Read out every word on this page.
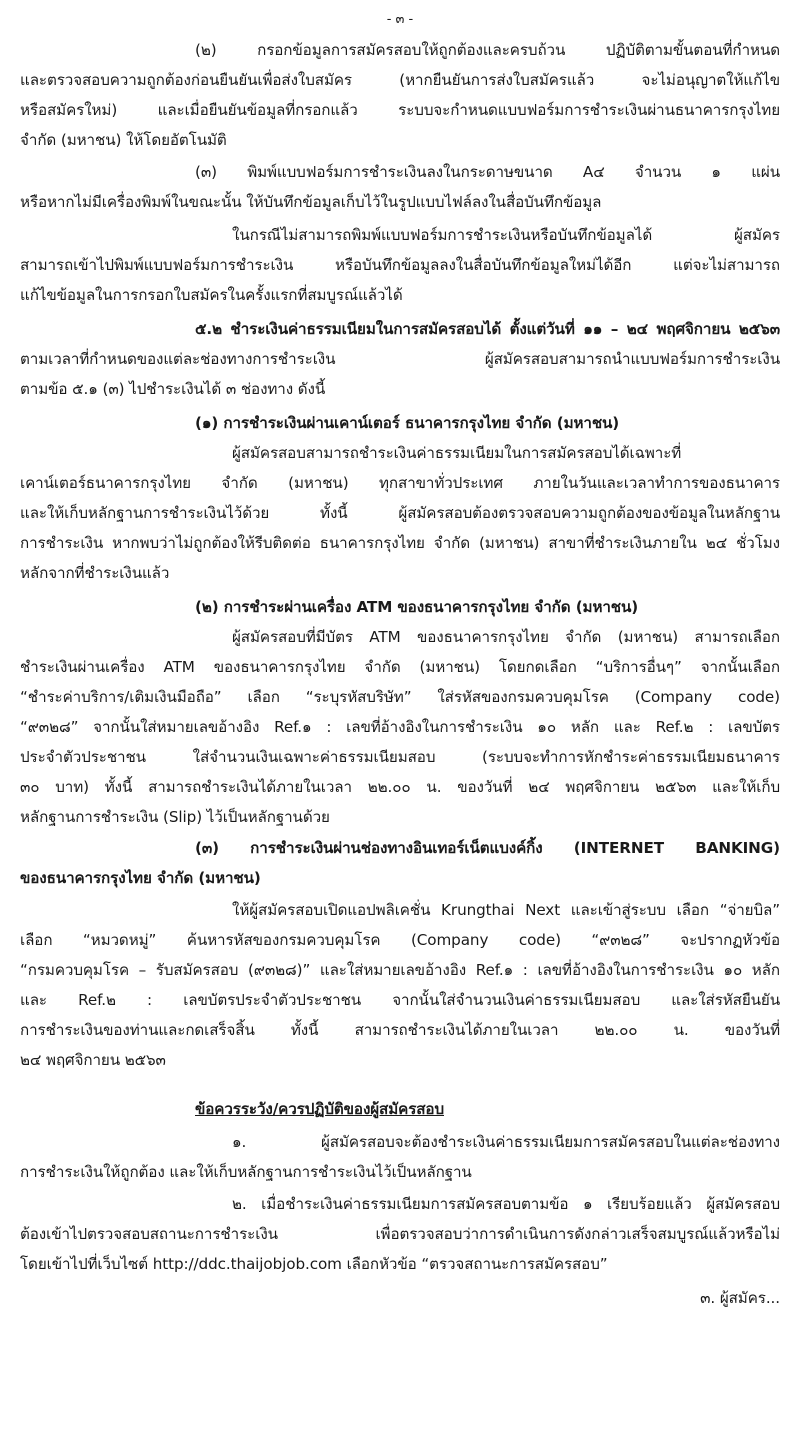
- ๓ -
(๒) กรอกข้อมูลการสมัครสอบให้ถูกต้องและครบถ้วน ปฏิบัติตามขั้นตอนที่กำหนด
และตรวจสอบความถูกต้องก่อนยืนยันเพื่อส่งใบสมัคร (หากยืนยันการส่งใบสมัครแล้ว จะไม่อนุญาตให้แก้ไข
หรือสมัครใหม่) และเมื่อยืนยันข้อมูลที่กรอกแล้ว ระบบจะกำหนดแบบฟอร์มการชำระเงินผ่านธนาคารกรุงไทย
จำกัด (มหาชน) ให้โดยอัตโนมัติ
(๓) พิมพ์แบบฟอร์มการชำระเงินลงในกระดาษขนาด A๔ จำนวน ๑ แผ่น
หรือหากไม่มีเครื่องพิมพ์ในขณะนั้น ให้บันทึกข้อมูลเก็บไว้ในรูปแบบไฟล์ลงในสื่อบันทึกข้อมูล
ในกรณีไม่สามารถพิมพ์แบบฟอร์มการชำระเงินหรือบันทึกข้อมูลได้ ผู้สมัคร
สามารถเข้าไปพิมพ์แบบฟอร์มการชำระเงิน หรือบันทึกข้อมูลลงในสื่อบันทึกข้อมูลใหม่ได้อีก แต่จะไม่สามารถ
แก้ไขข้อมูลในการกรอกใบสมัครในครั้งแรกที่สมบูรณ์แล้วได้
๕.๒ ชำระเงินค่าธรรมเนียมในการสมัครสอบได้ ตั้งแต่วันที่ ๑๑ – ๒๔ พฤศจิกายน ๒๕๖๓
ตามเวลาที่กำหนดของแต่ละช่องทางการชำระเงิน ผู้สมัครสอบสามารถนำแบบฟอร์มการชำระเงิน
ตามข้อ ๕.๑ (๓) ไปชำระเงินได้ ๓ ช่องทาง ดังนี้
(๑) การชำระเงินผ่านเคาน์เตอร์ ธนาคารกรุงไทย จำกัด (มหาชน)
ผู้สมัครสอบสามารถชำระเงินค่าธรรมเนียมในการสมัครสอบได้เฉพาะที่
เคาน์เตอร์ธนาคารกรุงไทย จำกัด (มหาชน) ทุกสาขาทั่วประเทศ ภายในวันและเวลาทำการของธนาคาร
และให้เก็บหลักฐานการชำระเงินไว้ด้วย ทั้งนี้ ผู้สมัครสอบต้องตรวจสอบความถูกต้องของข้อมูลในหลักฐาน
การชำระเงิน หากพบว่าไม่ถูกต้องให้รีบติดต่อ ธนาคารกรุงไทย จำกัด (มหาชน) สาขาที่ชำระเงินภายใน ๒๔ ชั่วโมง
หลักจากที่ชำระเงินแล้ว
(๒) การชำระผ่านเครื่อง ATM ของธนาคารกรุงไทย จำกัด (มหาชน)
ผู้สมัครสอบที่มีบัตร ATM ของธนาคารกรุงไทย จำกัด (มหาชน) สามารถเลือก
ชำระเงินผ่านเครื่อง ATM ของธนาคารกรุงไทย จำกัด (มหาชน) โดยกดเลือก “บริการอื่นๆ” จากนั้นเลือก
“ชำระค่าบริการ/เติมเงินมือถือ” เลือก “ระบุรหัสบริษัท” ใส่รหัสของกรมควบคุมโรค (Company code)
“๙๓๒๘” จากนั้นใส่หมายเลขอ้างอิง Ref.๑ : เลขที่อ้างอิงในการชำระเงิน ๑๐ หลัก และ Ref.๒ : เลขบัตร
ประจำตัวประชาชน ใส่จำนวนเงินเฉพาะค่าธรรมเนียมสอบ (ระบบจะทำการหักชำระค่าธรรมเนียมธนาคาร
๓๐ บาท) ทั้งนี้ สามารถชำระเงินได้ภายในเวลา ๒๒.๐๐ น. ของวันที่ ๒๔ พฤศจิกายน ๒๕๖๓ และให้เก็บ
หลักฐานการชำระเงิน (Slip) ไว้เป็นหลักฐานด้วย
(๓) การชำระเงินผ่านช่องทางอินเทอร์เน็ตแบงค์กิ้ง (INTERNET BANKING)
ของธนาคารกรุงไทย จำกัด (มหาชน)
ให้ผู้สมัครสอบเปิดแอปพลิเคชั่น Krungthai Next และเข้าสู่ระบบ เลือก “จ่ายบิล”
เลือก “หมวดหมู่” ค้นหารหัสของกรมควบคุมโรค (Company code) “๙๓๒๘” จะปรากฏหัวข้อ
“กรมควบคุมโรค – รับสมัครสอบ (๙๓๒๘)” และใส่หมายเลขอ้างอิง Ref.๑ : เลขที่อ้างอิงในการชำระเงิน ๑๐ หลัก
และ Ref.๒ : เลขบัตรประจำตัวประชาชน จากนั้นใส่จำนวนเงินค่าธรรมเนียมสอบ และใส่รหัสยืนยัน
การชำระเงินของท่านและกดเสร็จสิ้น ทั้งนี้ สามารถชำระเงินได้ภายในเวลา ๒๒.๐๐ น. ของวันที่
๒๔ พฤศจิกายน ๒๕๖๓
ข้อควรระวัง/ควรปฏิบัติของผู้สมัครสอบ
๑. ผู้สมัครสอบจะต้องชำระเงินค่าธรรมเนียมการสมัครสอบในแต่ละช่องทาง
การชำระเงินให้ถูกต้อง และให้เก็บหลักฐานการชำระเงินไว้เป็นหลักฐาน
๒. เมื่อชำระเงินค่าธรรมเนียมการสมัครสอบตามข้อ ๑ เรียบร้อยแล้ว ผู้สมัครสอบ
ต้องเข้าไปตรวจสอบสถานะการชำระเงิน เพื่อตรวจสอบว่าการดำเนินการดังกล่าวเสร็จสมบูรณ์แล้วหรือไม่
โดยเข้าไปที่เว็บไซต์ http://ddc.thaijobjob.com เลือกหัวข้อ “ตรวจสถานะการสมัครสอบ”
๓. ผู้สมัคร...
